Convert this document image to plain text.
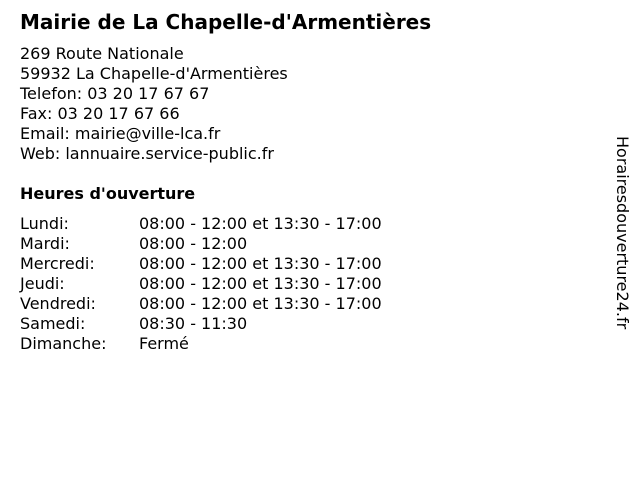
Mairie de La Chapelle-d'Armentières
269 Route Nationale
59932 La Chapelle-d'Armentières
Telefon: 03 20 17 67 67
Fax: 03 20 17 67 66
Email: mairie@ville-lca.fr
Web: lannuaire.service-public.fr
Heures d'ouverture
Lundi:	08:00 - 12:00 et 13:30 - 17:00
Mardi:	08:00 - 12:00
Mercredi:	08:00 - 12:00 et 13:30 - 17:00
Jeudi:	08:00 - 12:00 et 13:30 - 17:00
Vendredi:	08:00 - 12:00 et 13:30 - 17:00
Samedi:	08:30 - 11:30
Dimanche: Fermé
Horairesdouverture24.fr
